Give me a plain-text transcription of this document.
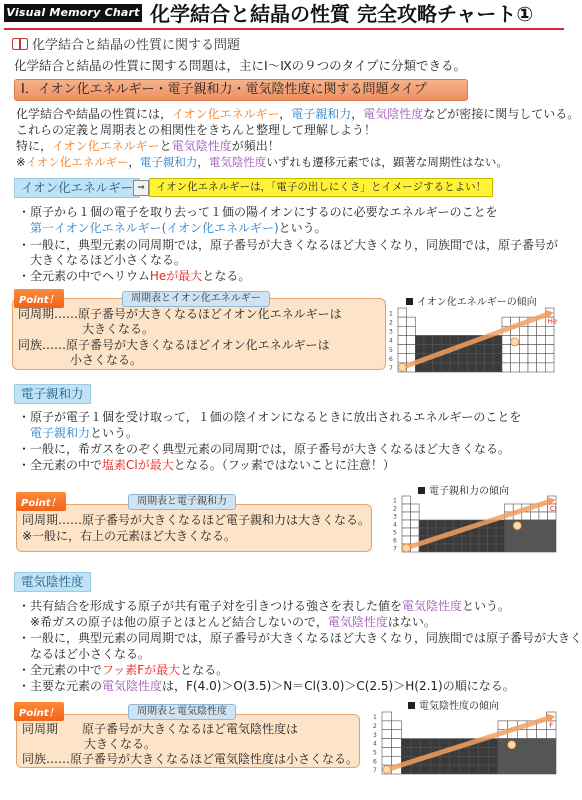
Visual Memory Chart 化学結合と結晶の性質 完全攻略チャート①
化学結合と結晶の性質に関する問題
化学結合と結晶の性質に関する問題は，主にⅠ〜Ⅸの９つのタイプに分類できる。
Ⅰ．イオン化エネルギー・電子親和力・電気陰性度に関する問題タイプ
化学結合や結晶の性質には，イオン化エネルギー，電子親和力，電気陰性度などが密接に関与している。
これらの定義と周期表との相関性をきちんと整理して理解しよう！
特に，イオン化エネルギーと電気陰性度が頻出！
※イオン化エネルギー，電子親和力，電気陰性度いずれも遷移元素では，顕著な周期性はない。
イオン化エネルギー ⇒	イオン化エネルギーは，「電子の出しにくさ」とイメージするとよい！
・原子から１個の電子を取り去って１価の陽イオンにするのに必要なエネルギーのことを
第一イオン化エネルギー(イオン化エネルギー)という。
・一般に，典型元素の同周期では，原子番号が大きくなるほど大きくなり，同族間では，原子番号が
大きくなるほど小さくなる。
・全元素の中でヘリウムHeが最大となる。
Point！	周期表とイオン化エネルギー
同周期……原子番号が大きくなるほどイオン化エネルギーは
大きくなる。
同族……原子番号が大きくなるほどイオン化エネルギーは
小さくなる。
イオン化エネルギーの傾向
1
2
3
4
5
6
7
He
電子親和力
・原子が電子１個を受け取って，１価の陰イオンになるときに放出されるエネルギーのことを
電子親和力という。
・一般に，希ガスをのぞく典型元素の同周期では，原子番号が大きくなるほど大きくなる。
・全元素の中で塩素Clが最大となる。（フッ素ではないことに注意！）
Point！	周期表と電子親和力
同周期……原子番号が大きくなるほど電子親和力は大きくなる。
※一般に，右上の元素ほど大きくなる。
電子親和力の傾向
1
2
3
4
5
6
7
Cl
電気陰性度
・共有結合を形成する原子が共有電子対を引きつける強さを表した値を電気陰性度という。
※希ガスの原子は他の原子とほとんど結合しないので，電気陰性度はない。
・一般に，典型元素の同周期では，原子番号が大きくなるほど大きくなり，同族間では原子番号が大きく
なるほど小さくなる。
・全元素の中でフッ素Fが最大となる。
・主要な元素の電気陰性度は，F(4.0)＞O(3.5)＞N＝Cl(3.0)＞C(2.5)＞H(2.1)の順になる。
Point！	周期表と電気陰性度
同周期　　原子番号が大きくなるほど電気陰性度は
大きくなる。
同族……原子番号が大きくなるほど電気陰性度は小さくなる。
電気陰性度の傾向
1
2
3
4
5
6
7
F
